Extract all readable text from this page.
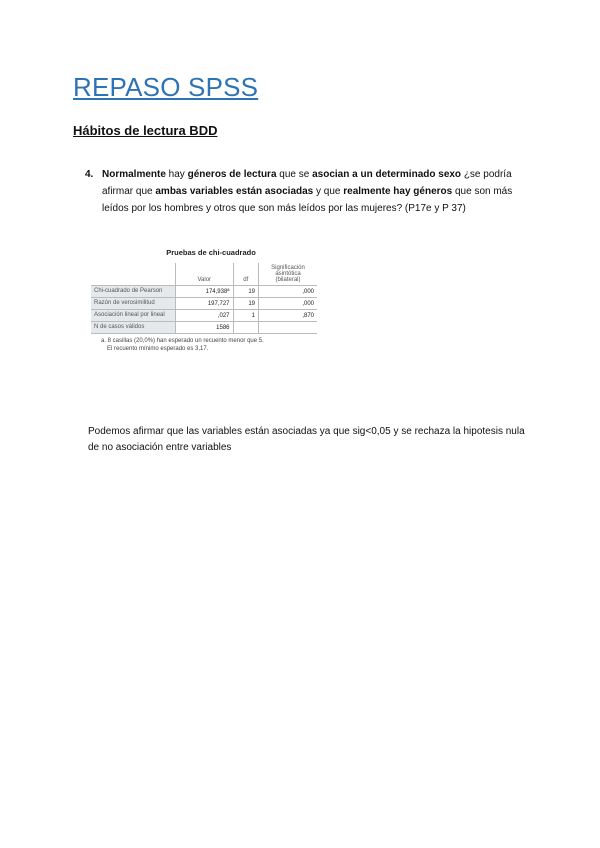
REPASO SPSS
Hábitos de lectura BDD
4. Normalmente hay géneros de lectura que se asocian a un determinado sexo ¿se podría afirmar que ambas variables están asociadas y que realmente hay géneros que son más leídos por los hombres y otros que son más leídos por las mujeres? (P17e y P 37)
Pruebas de chi-cuadrado
	Valor	df	Significación asintótica (bilateral)
Chi-cuadrado de Pearson	174,938ª	19	,000
Razón de verosimilitud	197,727	19	,000
Asociación lineal por lineal	,027	1	,870
N de casos válidos	1586		
a. 8 casillas (20,0%) han esperado un recuento menor que 5.
El recuento mínimo esperado es 3,17.
Podemos afirmar que las variables están asociadas ya que sig<0,05 y se rechaza la hipotesis nula de no asociación entre variables
